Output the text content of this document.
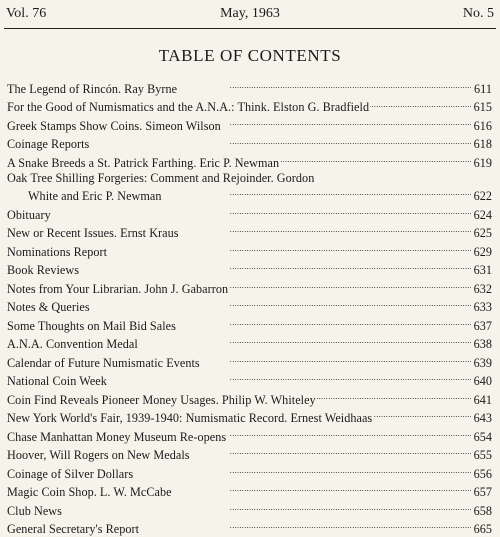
Vol. 76	May, 1963	No. 5
TABLE OF CONTENTS
The Legend of Rincón. Ray Byrne . . .	611
For the Good of Numismatics and the A.N.A.: Think. Elston G. Bradfield . . .	615
Greek Stamps Show Coins. Simeon Wilson . . .	616
Coinage Reports . . .	618
A Snake Breeds a St. Patrick Farthing. Eric P. Newman . . .	619
Oak Tree Shilling Forgeries: Comment and Rejoinder. Gordon
White and Eric P. Newman . . .	622
Obituary . . .	624
New or Recent Issues. Ernst Kraus . . .	625
Nominations Report . . .	629
Book Reviews . . .	631
Notes from Your Librarian. John J. Gabarron . . .	632
Notes & Queries . . .	633
Some Thoughts on Mail Bid Sales . . .	637
A.N.A. Convention Medal . . .	638
Calendar of Future Numismatic Events . . .	639
National Coin Week . . .	640
Coin Find Reveals Pioneer Money Usages. Philip W. Whiteley . . .	641
New York World's Fair, 1939-1940: Numismatic Record. Ernest Weidhaas . . .	643
Chase Manhattan Money Museum Re-opens . . .	654
Hoover, Will Rogers on New Medals . . .	655
Coinage of Silver Dollars . . .	656
Magic Coin Shop. L. W. McCabe . . .	657
Club News . . .	658
General Secretary's Report . . .	665
